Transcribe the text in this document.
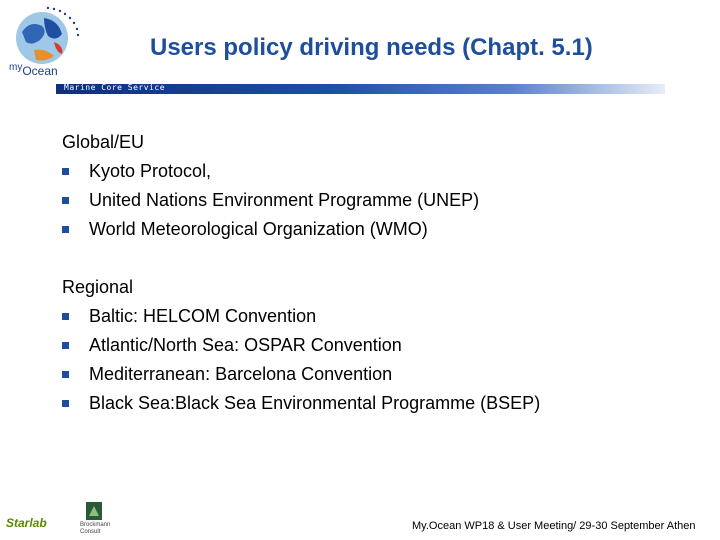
$^{my}$Ocean
Users policy driving needs (Chapt. 5.1)
Marine Core Service
Global/EU
Kyoto Protocol,
United Nations Environment Programme (UNEP)
World Meteorological Organization (WMO)
Regional
Baltic: HELCOM Convention
Atlantic/North Sea: OSPAR Convention
Mediterranean: Barcelona Convention
Black Sea:Black Sea Environmental Programme (BSEP)
Starlab	Brockmann
Consult	My.Ocean WP18 & User Meeting/ 29-30 September Athen
